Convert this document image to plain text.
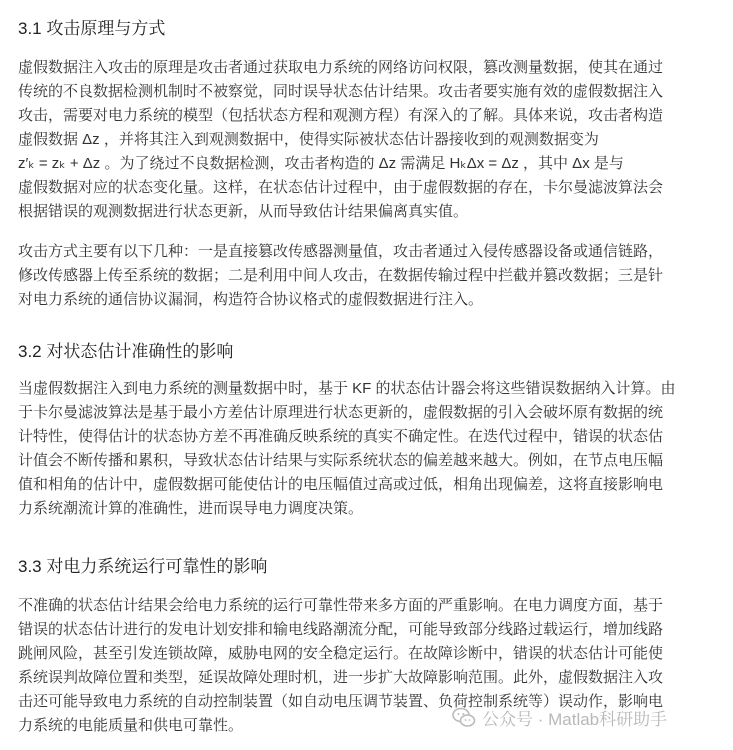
3.1 攻击原理与方式
虚假数据注入攻击的原理是攻击者通过获取电力系统的网络访问权限，篡改测量数据，使其在通过
传统的不良数据检测机制时不被察觉，同时误导状态估计结果。攻击者要实施有效的虚假数据注入
攻击，需要对电力系统的模型（包括状态方程和观测方程）有深入的了解。具体来说，攻击者构造
虚假数据 Δz ，并将其注入到观测数据中，使得实际被状态估计器接收到的观测数据变为
z′ₖ = zₖ + Δz 。为了绕过不良数据检测，攻击者构造的 Δz 需满足 HₖΔx = Δz ，其中 Δx 是与
虚假数据对应的状态变化量。这样，在状态估计过程中，由于虚假数据的存在，卡尔曼滤波算法会
根据错误的观测数据进行状态更新，从而导致估计结果偏离真实值。
攻击方式主要有以下几种：一是直接篡改传感器测量值，攻击者通过入侵传感器设备或通信链路，
修改传感器上传至系统的数据；二是利用中间人攻击，在数据传输过程中拦截并篡改数据；三是针
对电力系统的通信协议漏洞，构造符合协议格式的虚假数据进行注入。
3.2 对状态估计准确性的影响
当虚假数据注入到电力系统的测量数据中时，基于 KF 的状态估计器会将这些错误数据纳入计算。由
于卡尔曼滤波算法是基于最小方差估计原理进行状态更新的，虚假数据的引入会破坏原有数据的统
计特性，使得估计的状态协方差不再准确反映系统的真实不确定性。在迭代过程中，错误的状态估
计值会不断传播和累积，导致状态估计结果与实际系统状态的偏差越来越大。例如，在节点电压幅
值和相角的估计中，虚假数据可能使估计的电压幅值过高或过低，相角出现偏差，这将直接影响电
力系统潮流计算的准确性，进而误导电力调度决策。
3.3 对电力系统运行可靠性的影响
不准确的状态估计结果会给电力系统的运行可靠性带来多方面的严重影响。在电力调度方面，基于
错误的状态估计进行的发电计划安排和输电线路潮流分配，可能导致部分线路过载运行，增加线路
跳闸风险，甚至引发连锁故障，威胁电网的安全稳定运行。在故障诊断中，错误的状态估计可能使
系统误判故障位置和类型，延误故障处理时机，进一步扩大故障影响范围。此外，虚假数据注入攻
击还可能导致电力系统的自动控制装置（如自动电压调节装置、负荷控制系统等）误动作，影响电
力系统的电能质量和供电可靠性。	公众号 · Matlab科研助手
